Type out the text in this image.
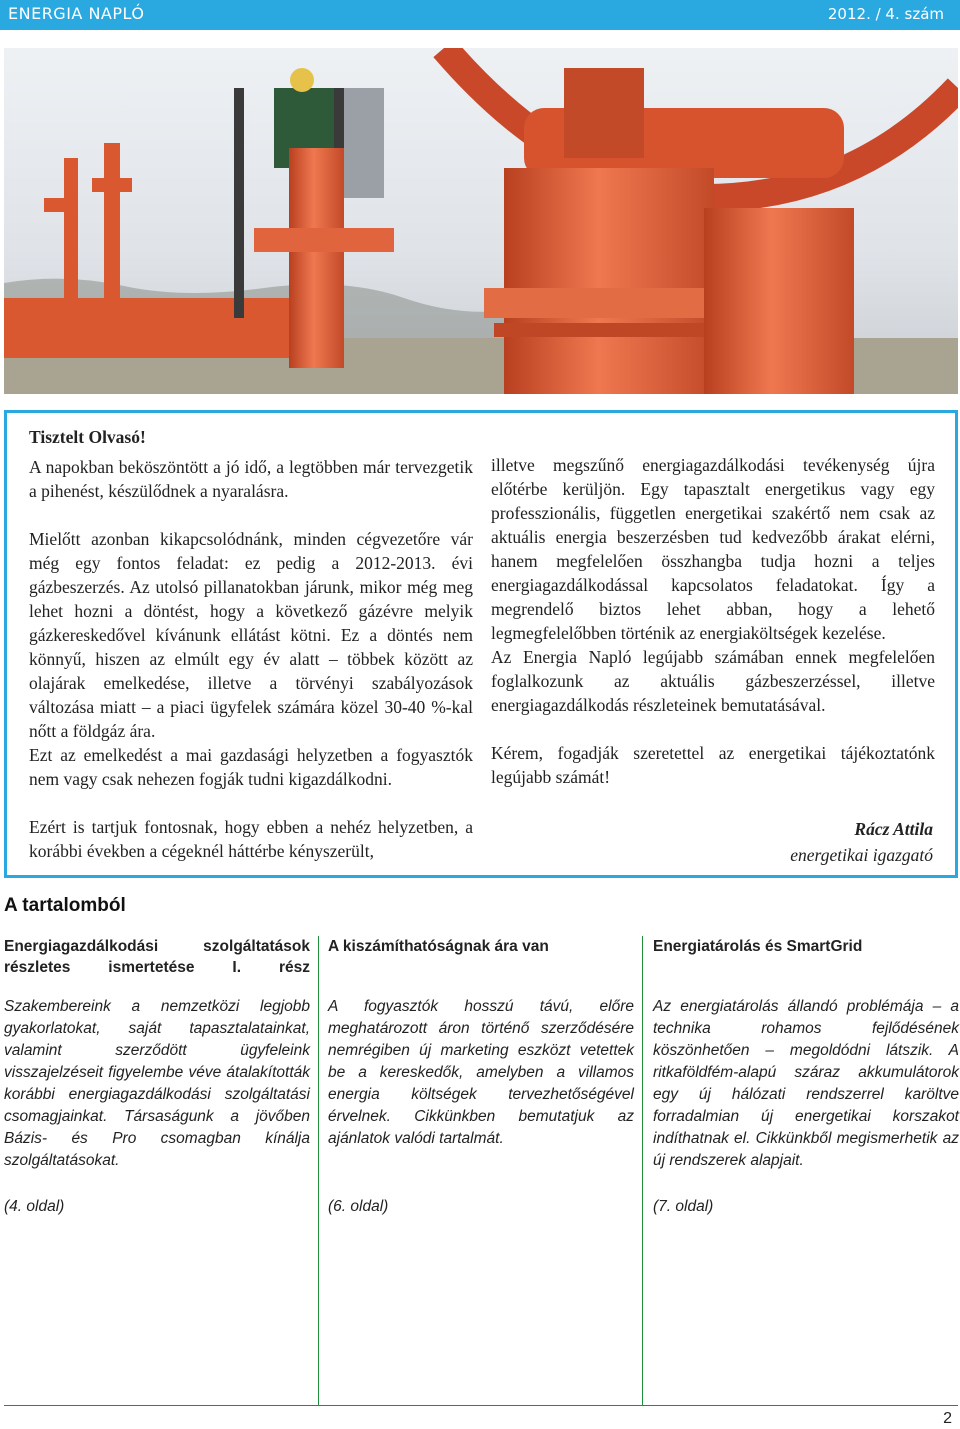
ENERGIA NAPLÓ	2012. / 4. szám

Tisztelt Olvasó!

A napokban beköszöntött a jó idő, a legtöbben már tervezgetik a pihenést, készülődnek a nyaralásra.

Mielőtt azonban kikapcsolódnánk, minden cégvezetőre vár még egy fontos feladat: ez pedig a 2012-2013. évi gázbeszerzés. Az utolsó pillanatokban járunk, mikor még meg lehet hozni a döntést, hogy a következő gázévre melyik gázkereskedővel kívánunk ellátást kötni. Ez a döntés nem könnyű, hiszen az elmúlt egy év alatt – többek között az olajárak emelkedése, illetve a törvényi szabályozások változása miatt – a piaci ügyfelek számára közel 30-40 %-kal nőtt a földgáz ára.

Ezt az emelkedést a mai gazdasági helyzetben a fogyasztók nem vagy csak nehezen fogják tudni kigazdálkodni.

Ezért is tartjuk fontosnak, hogy ebben a nehéz helyzetben, a korábbi években a cégeknél háttérbe kényszerült,

illetve megszűnő energiagazdálkodási tevékenység újra előtérbe kerüljön. Egy tapasztalt energetikus vagy egy professzionális, független energetikai szakértő nem csak az aktuális energia beszerzésben tud kedvezőbb árakat elérni, hanem megfelelően összhangba tudja hozni a teljes energiagazdálkodással kapcsolatos feladatokat. Így a megrendelő biztos lehet abban, hogy a lehető legmegfelelőbben történik az energiaköltségek kezelése.

Az Energia Napló legújabb számában ennek megfelelően foglalkozunk az aktuális gázbeszerzéssel, illetve energiagazdálkodás részleteinek bemutatásával.

Kérem, fogadják szeretettel az energetikai tájékoztatónk legújabb számát!

Rácz Attila
energetikai igazgató
A tartalomból
Energiagazdálkodási szolgáltatások részletes ismertetése I. rész

Szakembereink a nemzetközi legjobb gyakorlatokat, saját tapasztalatainkat, valamint szerződött ügyfeleink visszajelzéseit figyelembe véve átalakították korábbi energiagazdálkodási szolgáltatási csomagjainkat. Társaságunk a jövőben Bázis- és Pro csomagban kínálja szolgáltatásokat.

(4. oldal)

A kiszámíthatóságnak ára van

A fogyasztók hosszú távú, előre meghatározott áron történő szerződésére nemrégiben új marketing eszközt vetettek be a kereskedők, amelyben a villamos energia költségek tervezhetőségével érvelnek. Cikkünkben bemutatjuk az ajánlatok valódi tartalmát.

(6. oldal)

Energiatárolás és SmartGrid

Az energiatárolás állandó problémája – a technika rohamos fejlődésének köszönhetően – megoldódni látszik. A ritkaföldfém-alapú száraz akkumulátorok egy új hálózati rendszerrel karöltve forradalmian új energetikai korszakot indíthatnak el. Cikkünkből megismerhetik az új rendszerek alapjait.

(7. oldal)

2
